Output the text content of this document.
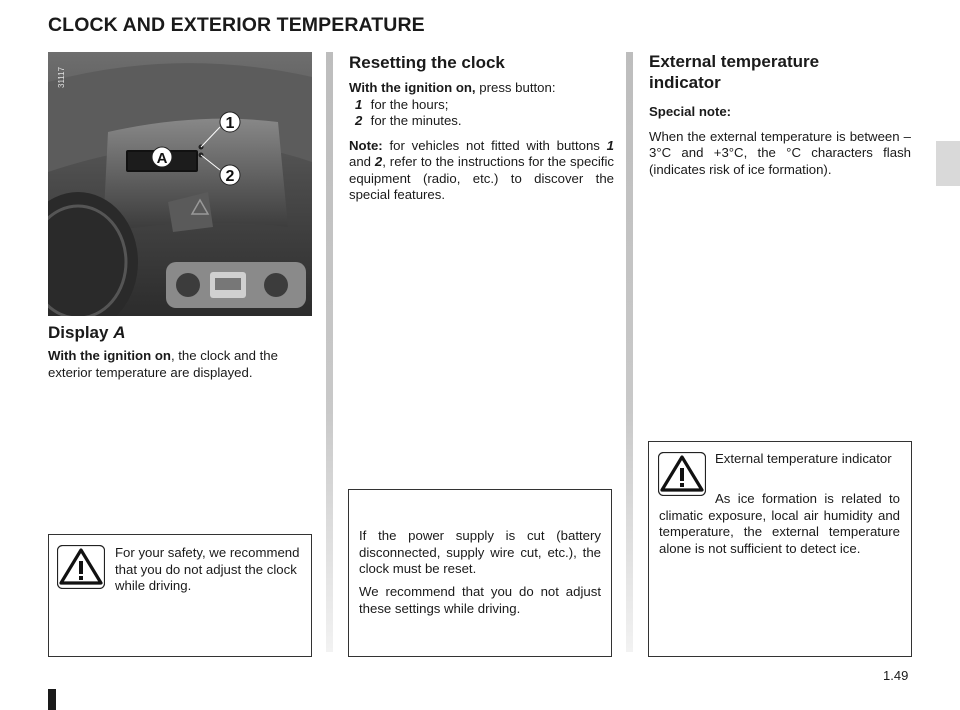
CLOCK AND EXTERIOR TEMPERATURE
1
2
A
31117
Display A

With the ignition on, the clock and the exterior temperature are displayed.

For your safety, we recommend that you do not adjust the clock while driving.

Resetting the clock

With the ignition on, press button:

1 for the hours;

2 for the minutes.

Note: for vehicles not fitted with buttons 1 and 2, refer to the instructions for the specific equipment (radio, etc.) to discover the special features.

If the power supply is cut (battery disconnected, supply wire cut, etc.), the clock must be reset.

We recommend that you do not adjust these settings while driving.

External temperature indicator

Special note:

When the external temperature is between –3°C and +3°C, the °C characters flash (indicates risk of ice formation).

External temperature indicator

As ice formation is related to climatic exposure, local air humidity and temperature, the external temperature alone is not sufficient to detect ice.

1.49
